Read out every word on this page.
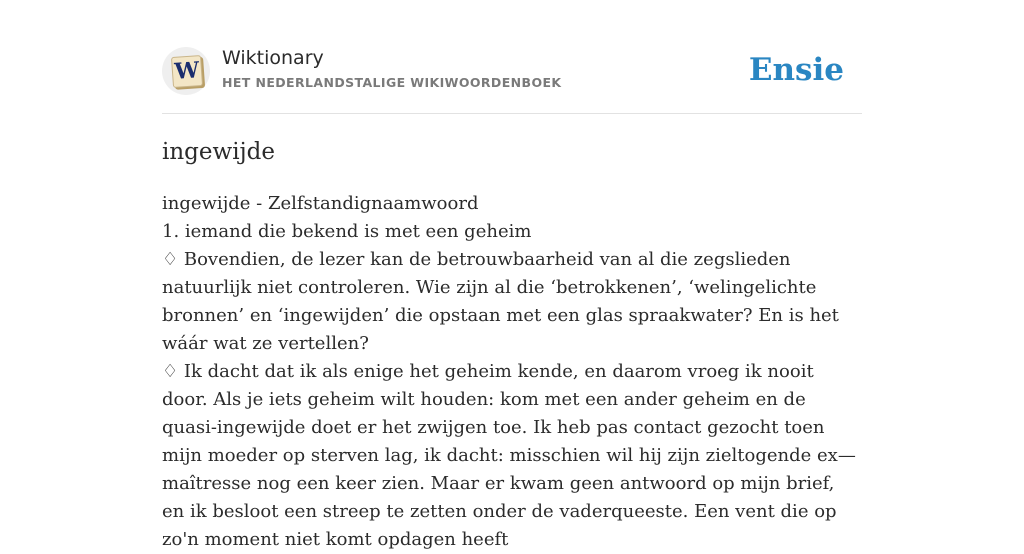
W Wiktionary
HET NEDERLANDSTALIGE WIKIWOORDENBOEK	Ensie
ingewijde
ingewijde - Zelfstandignaamwoord
1. iemand die bekend is met een geheim
♢ Bovendien, de lezer kan de betrouwbaarheid van al die zegslieden natuurlijk niet controleren. Wie zijn al die ‘betrokkenen’, ‘welingelichte bronnen’ en ‘ingewijden’ die opstaan met een glas spraakwater? En is het wáár wat ze vertellen?
♢ Ik dacht dat ik als enige het geheim kende, en daarom vroeg ik nooit door. Als je iets geheim wilt houden: kom met een ander geheim en de quasi-ingewijde doet er het zwijgen toe. Ik heb pas contact gezocht toen mijn moeder op sterven lag, ik dacht: misschien wil hij zijn zieltogende ex—maîtresse nog een keer zien. Maar er kwam geen antwoord op mijn brief, en ik besloot een streep te zetten onder de vaderqueeste. Een vent die op zo'n moment niet komt opdagen heeft
